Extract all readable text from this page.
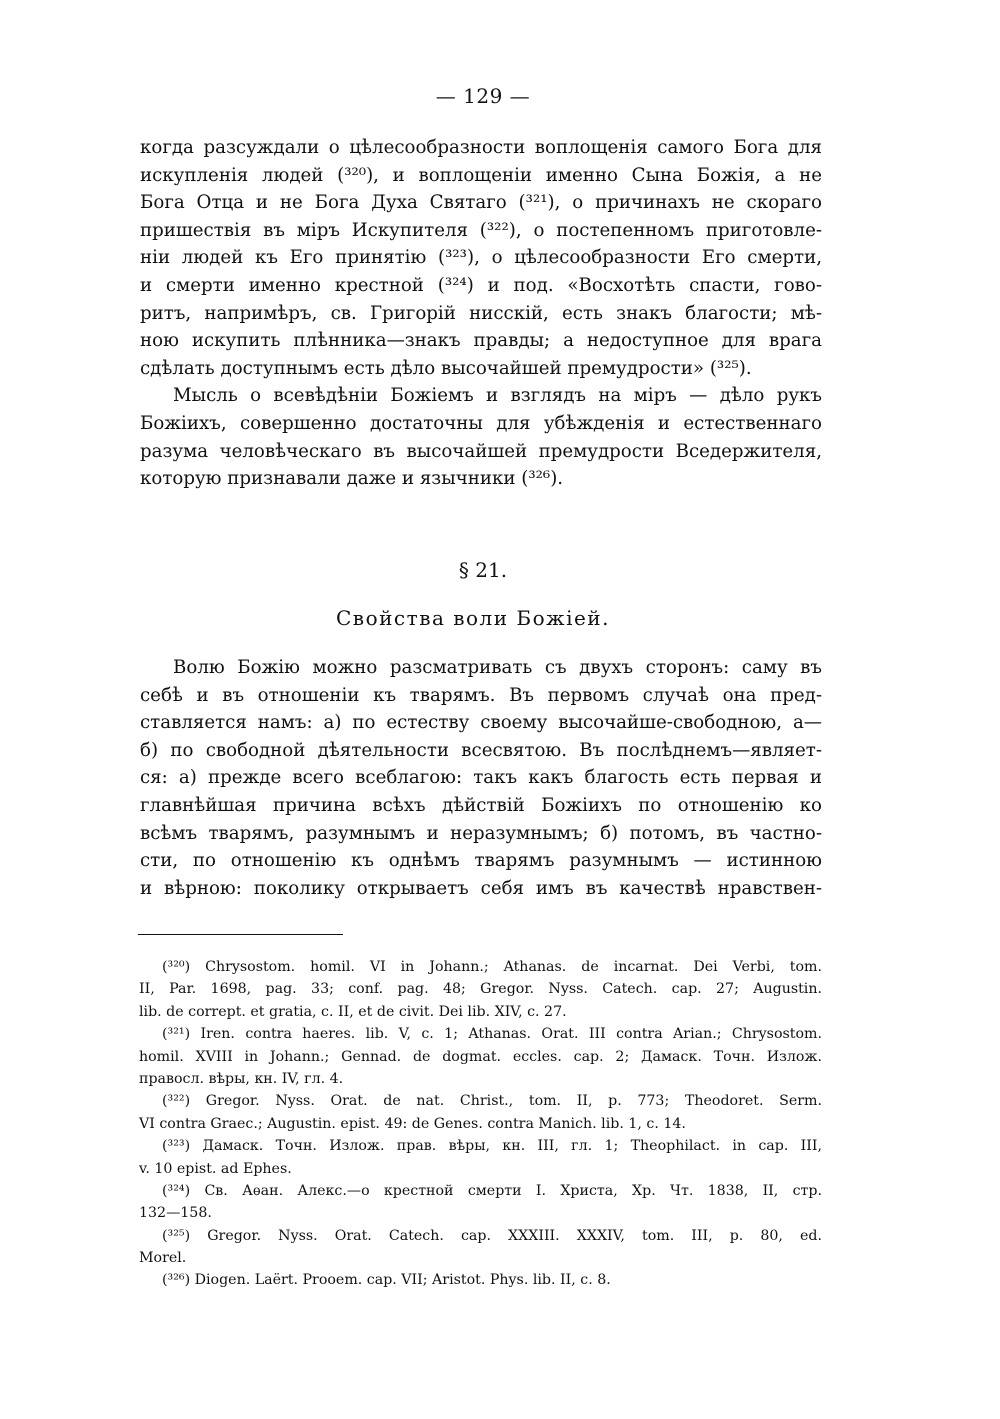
— 129 —
когда разсуждали о цѣлесообразности воплощенія самого Бога для
искупленія людей (³²⁰), и воплощеніи именно Сына Божія, а не
Бога Отца и не Бога Духа Святаго (³²¹), о причинахъ не скораго
пришествія въ міръ Искупителя (³²²), о постепенномъ приготовле-
ніи людей къ Его принятію (³²³), о цѣлесообразности Его смерти,
и смерти именно крестной (³²⁴) и под. «Восхотѣть спасти, гово-
ритъ, напримѣръ, св. Григорій нисскій, есть знакъ благости; мѣ-
ною искупить плѣнника—знакъ правды; а недоступное для врага
сдѣлать доступнымъ есть дѣло высочайшей премудрости» (³²⁵).
Мысль о всевѣдѣніи Божіемъ и взглядъ на міръ — дѣло рукъ
Божіихъ, совершенно достаточны для убѣжденія и естественнаго
разума человѣческаго въ высочайшей премудрости Вседержителя,
которую признавали даже и язычники (³²⁶).
§ 21.
Свойства воли Божіей.
Волю Божію можно разсматривать съ двухъ сторонъ: саму въ
себѣ и въ отношеніи къ тварямъ. Въ первомъ случаѣ она пред-
ставляется намъ: а) по естеству своему высочайше-свободною, а—
б) по свободной дѣятельности всесвятою. Въ послѣднемъ—являет-
ся: а) прежде всего всеблагою: такъ какъ благость есть первая и
главнѣйшая причина всѣхъ дѣйствій Божіихъ по отношенію ко
всѣмъ тварямъ, разумнымъ и неразумнымъ; б) потомъ, въ частно-
сти, по отношенію къ однѣмъ тварямъ разумнымъ — истинною
и вѣрною: поколику открываетъ себя имъ въ качествѣ нравствен-
(³²⁰) Chrysostom. homil. VI in Johann.; Athanas. de incarnat. Dei Verbi, tom.
II, Par. 1698, pag. 33; conf. pag. 48; Gregor. Nyss. Catech. cap. 27; Augustin.
lib. de corrept. et gratia, c. II, et de civit. Dei lib. XIV, c. 27.
(³²¹) Iren. contra haeres. lib. V, c. 1; Athanas. Orat. III contra Arian.; Chrysostom.
homil. XVIII in Johann.; Gennad. de dogmat. eccles. cap. 2; Дамаск. Точн. Излож.
правосл. вѣры, кн. IV, гл. 4.
(³²²) Gregor. Nyss. Orat. de nat. Christ., tom. II, p. 773; Theodoret. Serm.
VI contra Graec.; Augustin. epist. 49: de Genes. contra Manich. lib. 1, c. 14.
(³²³) Дамаск. Точн. Излож. прав. вѣры, кн. III, гл. 1; Theophilact. in cap. III,
v. 10 epist. ad Ephes.
(³²⁴) Св. Аѳан. Алекс.—о крестной смерти I. Христа, Хр. Чт. 1838, II, стр.
132—158.
(³²⁵) Gregor. Nyss. Orat. Catech. cap. XXXIII. XXXIV, tom. III, p. 80, ed.
Morel.
(³²⁶) Diogen. Laërt. Prooem. cap. VII; Aristot. Phys. lib. II, c. 8.
